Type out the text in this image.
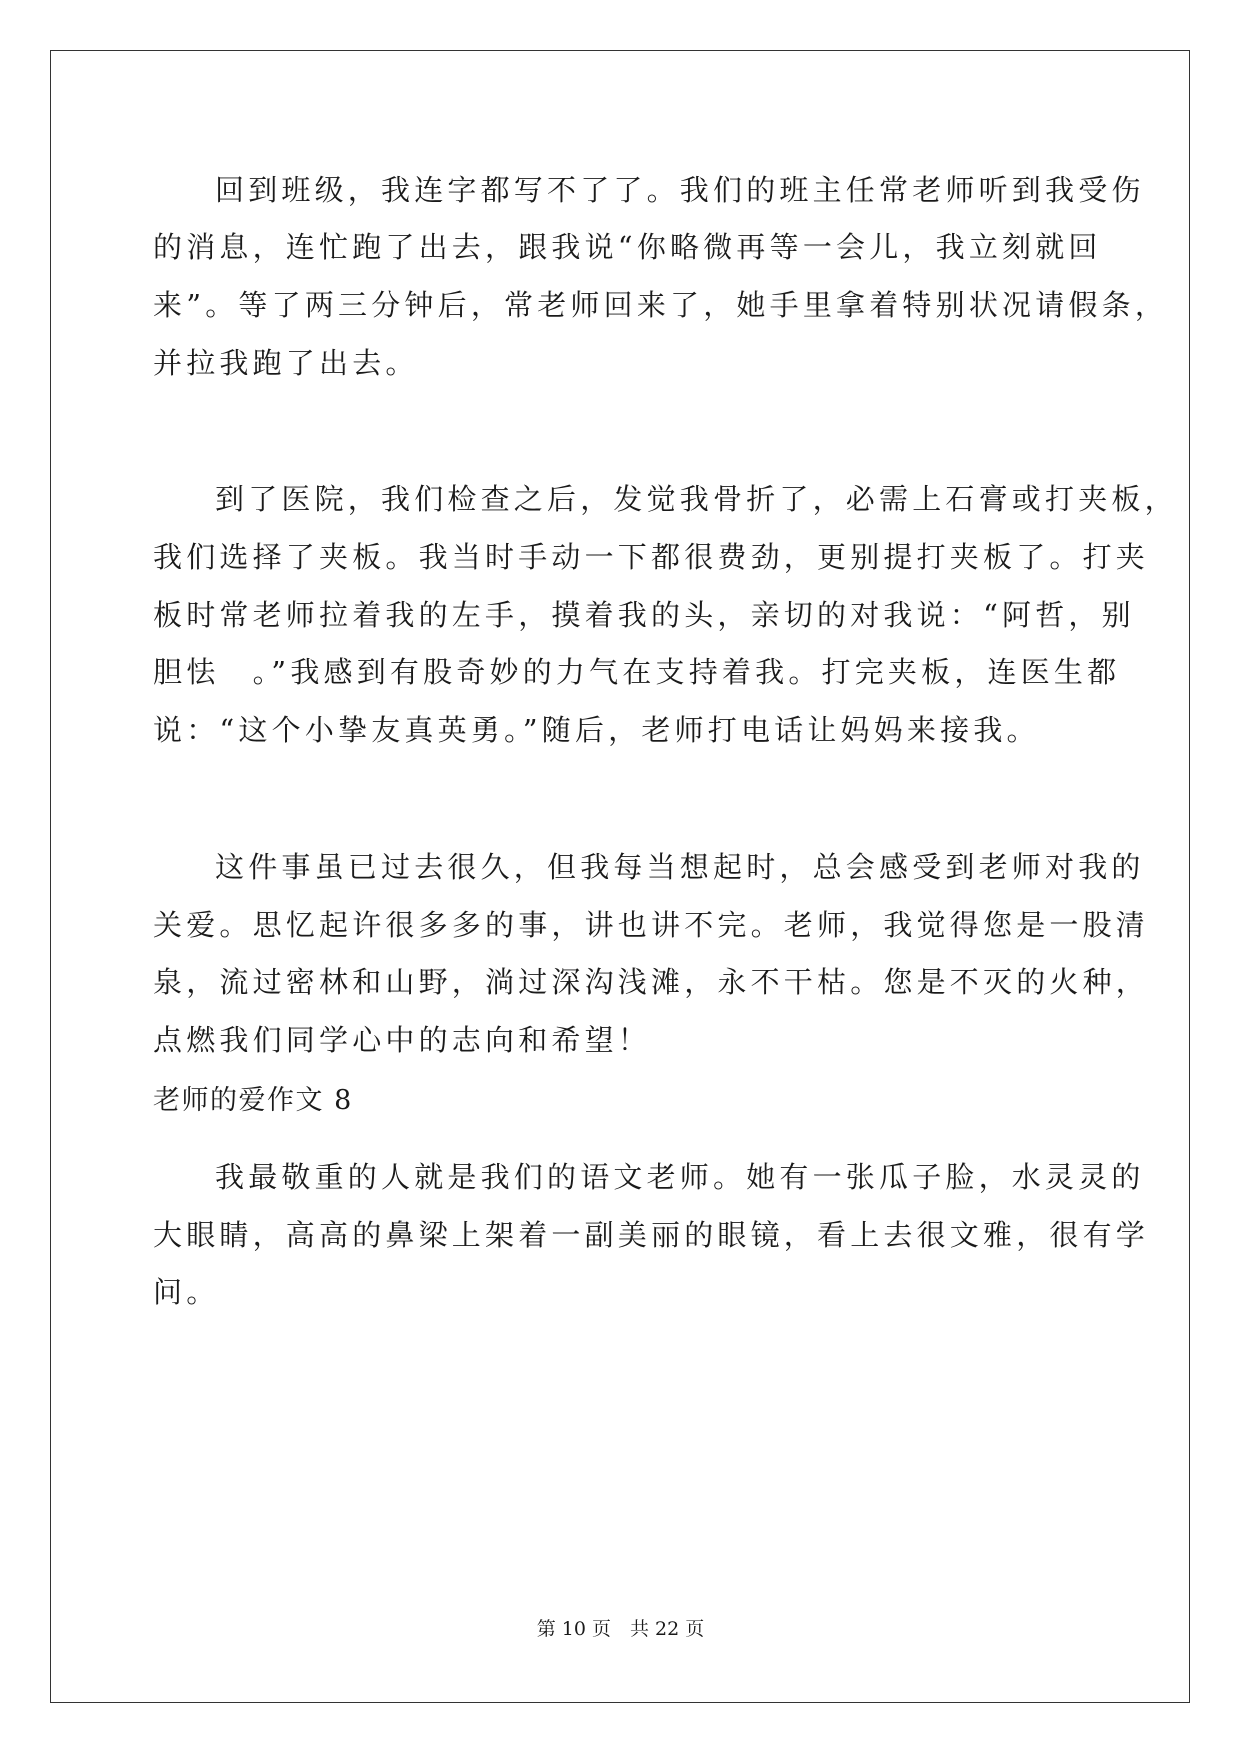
回到班级，我连字都写不了了。我们的班主任常老师听到我受伤
的消息，连忙跑了出去，跟我说“你略微再等一会儿，我立刻就回
来”。等了两三分钟后，常老师回来了，她手里拿着特别状况请假条，
并拉我跑了出去。
到了医院，我们检查之后，发觉我骨折了，必需上石膏或打夹板，
我们选择了夹板。我当时手动一下都很费劲，更别提打夹板了。打夹
板时常老师拉着我的左手，摸着我的头，亲切的对我说：“阿哲，别
胆怯　。”我感到有股奇妙的力气在支持着我。打完夹板，连医生都
说：“这个小挚友真英勇。”随后，老师打电话让妈妈来接我。
这件事虽已过去很久，但我每当想起时，总会感受到老师对我的
关爱。思忆起许很多多的事，讲也讲不完。老师，我觉得您是一股清
泉，流过密林和山野，淌过深沟浅滩，永不干枯。您是不灭的火种，
点燃我们同学心中的志向和希望！
老师的爱作文 8
我最敬重的人就是我们的语文老师。她有一张瓜子脸，水灵灵的
大眼睛，高高的鼻梁上架着一副美丽的眼镜，看上去很文雅，很有学
问。
第 10 页　共 22 页
